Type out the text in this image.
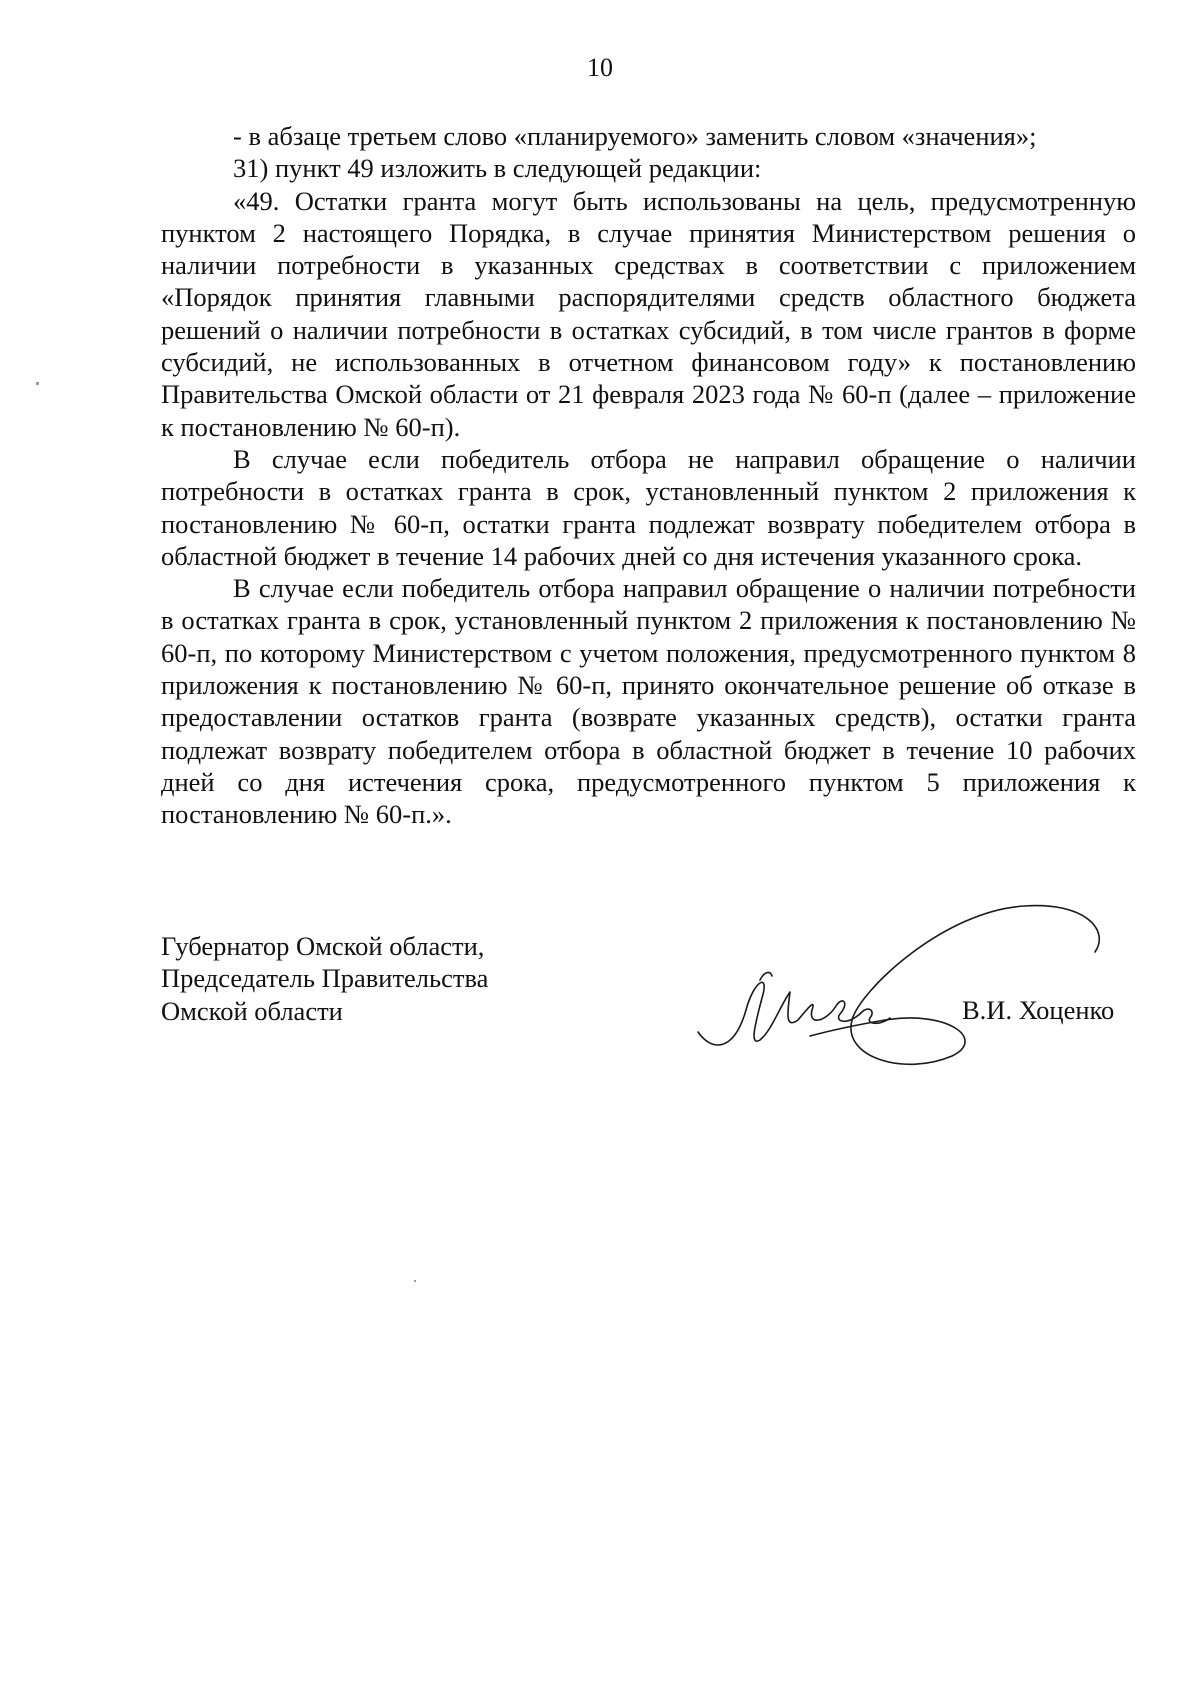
10

- в абзаце третьем слово «планируемого» заменить словом «значения»;

31) пункт 49 изложить в следующей редакции:

«49. Остатки гранта могут быть использованы на цель, предусмотренную пунктом 2 настоящего Порядка, в случае принятия Министерством решения о наличии потребности в указанных средствах в соответствии с приложением «Порядок принятия главными распорядителями средств областного бюджета решений о наличии потребности в остатках субсидий, в том числе грантов в форме субсидий, не использованных в отчетном финансовом году» к постановлению Правительства Омской области от 21 февраля 2023 года № 60-п (далее – приложение к постановлению № 60-п).

В случае если победитель отбора не направил обращение о наличии потребности в остатках гранта в срок, установленный пунктом 2 приложения к постановлению № 60-п, остатки гранта подлежат возврату победителем отбора в областной бюджет в течение 14 рабочих дней со дня истечения указанного срока.

В случае если победитель отбора направил обращение о наличии потребности в остатках гранта в срок, установленный пунктом 2 приложения к постановлению № 60-п, по которому Министерством с учетом положения, предусмотренного пунктом 8 приложения к постановлению № 60-п, принято окончательное решение об отказе в предоставлении остатков гранта (возврате указанных средств), остатки гранта подлежат возврату победителем отбора в областной бюджет в течение 10 рабочих дней со дня истечения срока, предусмотренного пунктом 5 приложения к постановлению № 60-п.».

Губернатор Омской области,
Председатель Правительства
Омской области	В.И. Хоценко
